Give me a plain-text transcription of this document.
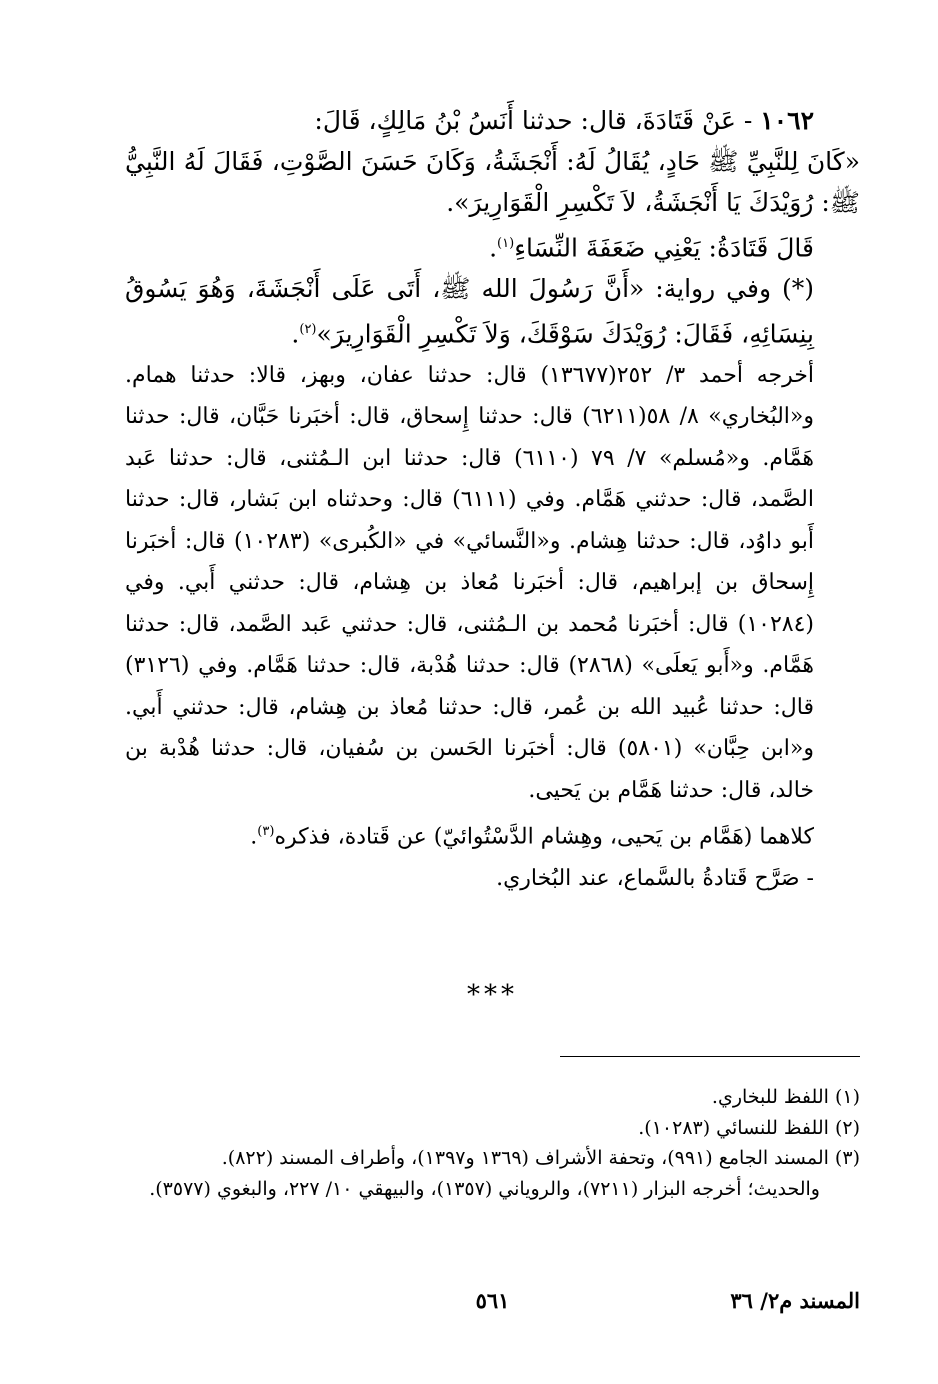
١٠٦٢ - عَنْ قَتَادَةَ، قال: حدثنا أَنَسُ بْنُ مَالِكٍ، قَالَ:

«كَانَ لِلنَّبِيِّ ﷺ حَادٍ، يُقَالُ لَهُ: أَنْجَشَةُ، وَكَانَ حَسَنَ الصَّوْتِ، فَقَالَ لَهُ النَّبِيُّ ﷺ: رُوَيْدَكَ يَا أَنْجَشَةُ، لاَ تَكْسِرِ الْقَوَارِيرَ».

قَالَ قَتَادَةُ: يَعْنِي ضَعَفَةَ النِّسَاءِ$^{(١)}$.

(*) وفي رواية: «أَنَّ رَسُولَ الله ﷺ، أَتَى عَلَى أَنْجَشَةَ، وَهُوَ يَسُوقُ بِنِسَائِهِ، فَقَالَ: رُوَيْدَكَ سَوْقَكَ، وَلاَ تَكْسِرِ الْقَوَارِيرَ»$^{(٢)}$.

أخرجه أحمد ٣/ ٢٥٢(١٣٦٧٧) قال: حدثنا عفان، وبهز، قالا: حدثنا همام. و«البُخاري» ٨/ ٥٨(٦٢١١) قال: حدثنا إِسحاق، قال: أخبَرنا حَبَّان، قال: حدثنا هَمَّام. و«مُسلم» ٧/ ٧٩ (٦١١٠) قال: حدثنا ابن الـمُثنى، قال: حدثنا عَبد الصَّمد، قال: حدثني هَمَّام. وفي (٦١١١) قال: وحدثناه ابن بَشار، قال: حدثنا أَبو داوُد، قال: حدثنا هِشام. و«النَّسائي» في «الكُبرى» (١٠٢٨٣) قال: أخبَرنا إِسحاق بن إبراهيم، قال: أخبَرنا مُعاذ بن هِشام، قال: حدثني أَبي. وفي (١٠٢٨٤) قال: أخبَرنا مُحمد بن الـمُثنى، قال: حدثني عَبد الصَّمد، قال: حدثنا هَمَّام. و«أَبو يَعلَى» (٢٨٦٨) قال: حدثنا هُدْبة، قال: حدثنا هَمَّام. وفي (٣١٢٦) قال: حدثنا عُبيد الله بن عُمر، قال: حدثنا مُعاذ بن هِشام، قال: حدثني أَبي. و«ابن حِبَّان» (٥٨٠١) قال: أخبَرنا الحَسن بن سُفيان، قال: حدثنا هُدْبة بن خالد، قال: حدثنا هَمَّام بن يَحيى.

كلاهما (هَمَّام بن يَحيى، وهِشام الدَّسْتُوائيّ) عن قَتادة، فذكره$^{(٣)}$.

- صَرَّح قَتادةُ بالسَّماع، عند البُخاري.

***

(١) اللفظ للبخاري.

(٢) اللفظ للنسائي (١٠٢٨٣).

(٣) المسند الجامع (٩٩١)، وتحفة الأشراف (١٣٦٩ و١٣٩٧)، وأطراف المسند (٨٢٢).

والحديث؛ أخرجه البزار (٧٢١١)، والروياني (١٣٥٧)، والبيهقي ١٠/ ٢٢٧، والبغوي (٣٥٧٧).

المسند م٢/ ٣٦
٥٦١
